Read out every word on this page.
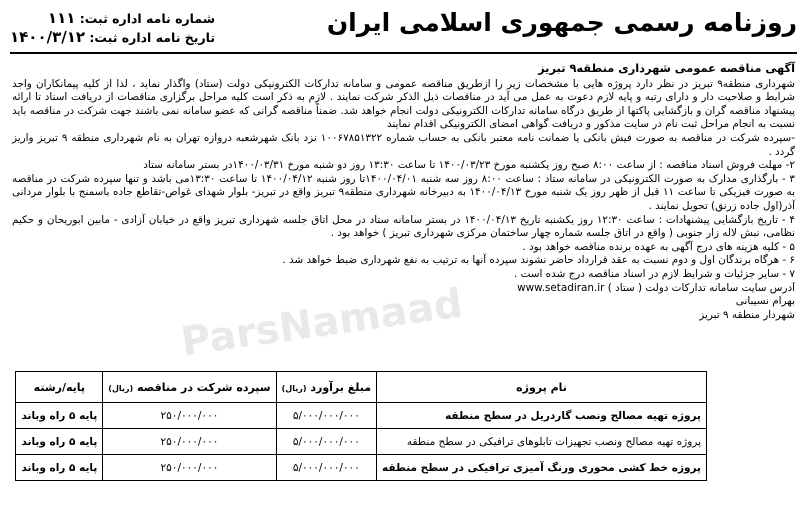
روزنامه رسمی جمهوری اسلامی ایران
شماره نامه اداره ثبت: ۱۱۱
تاریخ نامه اداره ثبت: ۱۴۰۰/۳/۱۲
آگهی مناقصه عمومی شهرداری منطقه۹ تبریز
شهرداری منطقه۹ تبریز در نظر دارد پروژه هایی با مشخصات زیر را ازطریق مناقصه عمومی و سامانه تدارکات الکترونیکی دولت (ستاد) واگذار نماید ، لذا از کلیه پیمانکاران واجد شرایط و صلاحیت دار و دارای رتبه و پایه لازم دعوت به عمل می آید در مناقصات ذیل الذکر شرکت نمایند . لازم به ذکر است کلیه مراحل برگزاری مناقصات از دریافت اسناد تا ارائه پیشنهاد مناقصه گران و بازگشایی پاکتها از طریق درگاه سامانه تدارکات الکترونیکی دولت انجام خواهد شد. ضمناً مناقصه گرانی که عضو سامانه نمی باشند جهت شرکت در مناقصه باید نسبت به انجام مراحل ثبت نام در سایت مذکور و دریافت گواهی امضای الکترونیکی اقدام نمایند
-سپرده شرکت در مناقصه به صورت فیش بانکی یا ضمانت نامه معتبر بانکی به حساب شماره ۱۰۰۶۷۸۵۱۳۲۲ نزد بانک شهرشعبه دروازه تهران به نام شهرداری منطقه ۹ تبریز واریز گردد .
۲- مهلت فروش اسناد مناقصه : از ساعت ۸:۰۰ صبح روز یکشنبه مورخ ۱۴۰۰/۰۳/۲۳ تا ساعت ۱۳:۳۰ روز دو شنبه مورخ ۱۴۰۰/۰۳/۳۱در بستر سامانه ستاد
۳ - بارگذاری مدارک به صورت الکترونیکی در سامانه ستاد : ساعت ۸:۰۰ روز سه شنبه ۱۴۰۰/۰۴/۰۱تا روز شنبه ۱۴۰۰/۰۴/۱۲ تا ساعت ۱۳:۳۰می باشد و تنها سپرده شرکت در مناقصه به صورت فیزیکی تا ساعت ۱۱ قبل از ظهر روز یک شنبه مورخ ۱۴۰۰/۰۴/۱۳ به دبیرخانه شهرداری منطقه۹ تبریز واقع در تبریز- بلوار شهدای غواص-تقاطع جاده باسمنج با بلوار مردانی آذر(اول جاده زرنق) تحویل نمایند .
۴ - تاریخ بازگشایی پیشنهادات : ساعت ۱۲:۳۰ روز یکشنبه تاریخ ۱۴۰۰/۰۴/۱۳ در بستر سامانه ستاد در محل اتاق جلسه شهرداری تبریز واقع در خیابان آزادی - مابین ابوریحان و حکیم نظامی، نبش لاله زار جنوبی ( واقع در اتاق جلسه شماره چهار ساختمان مرکزی شهرداری تبریز ) خواهد بود .
۵ - کلیه هزینه های درج آگهی به عهده برنده مناقصه خواهد بود .
۶ - هرگاه برندگان اول و دوم نسبت به عقد قرارداد حاضر نشوند سپرده آنها به ترتیب به نفع شهرداری ضبط خواهد شد .
۷ - سایر جزئیات و شرایط لازم در اسناد مناقصه درج شده است .
آدرس سایت سامانه تدارکات دولت ( ستاد ) www.setadiran.ir
بهرام نسیبانی
شهردار منطقه ۹ تبریز
ParsNamaad
نام پروژه	مبلغ برآورد (ریال)	سپرده شرکت در مناقصه (ریال)	پایه/رشته
پروژه تهیه مصالح ونصب گاردریل در سطح منطقه	۵/۰۰۰/۰۰۰/۰۰۰	۲۵۰/۰۰۰/۰۰۰	پایه ۵ راه وباند
پروژه تهیه مصالح ونصب تجهیزات تابلوهای ترافیکی در سطح منطقه	۵/۰۰۰/۰۰۰/۰۰۰	۲۵۰/۰۰۰/۰۰۰	پایه ۵ راه وباند
پروژه خط کشی محوری ورنگ آمیزی ترافیکی در سطح منطقه	۵/۰۰۰/۰۰۰/۰۰۰	۲۵۰/۰۰۰/۰۰۰	پایه ۵ راه وباند
